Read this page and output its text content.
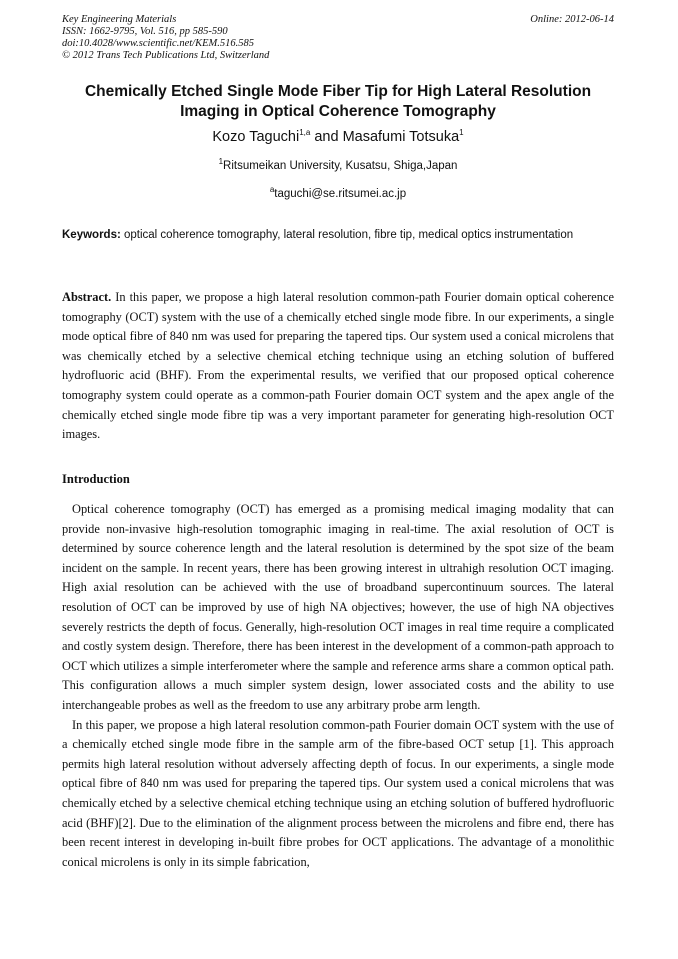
Key Engineering Materials
ISSN: 1662-9795, Vol. 516, pp 585-590
doi:10.4028/www.scientific.net/KEM.516.585
© 2012 Trans Tech Publications Ltd, Switzerland
Online: 2012-06-14
Chemically Etched Single Mode Fiber Tip for High Lateral Resolution Imaging in Optical Coherence Tomography
Kozo Taguchi$^{1,a}$ and Masafumi Totsuka$^1$
$^1$Ritsumeikan University, Kusatsu, Shiga,Japan
$^a$taguchi@se.ritsumei.ac.jp
Keywords: optical coherence tomography, lateral resolution, fibre tip, medical optics instrumentation
Abstract. In this paper, we propose a high lateral resolution common-path Fourier domain optical coherence tomography (OCT) system with the use of a chemically etched single mode fibre. In our experiments, a single mode optical fibre of 840 nm was used for preparing the tapered tips. Our system used a conical microlens that was chemically etched by a selective chemical etching technique using an etching solution of buffered hydrofluoric acid (BHF). From the experimental results, we verified that our proposed optical coherence tomography system could operate as a common-path Fourier domain OCT system and the apex angle of the chemically etched single mode fibre tip was a very important parameter for generating high-resolution OCT images.
Introduction

Optical coherence tomography (OCT) has emerged as a promising medical imaging modality that can provide non-invasive high-resolution tomographic imaging in real-time. The axial resolution of OCT is determined by source coherence length and the lateral resolution is determined by the spot size of the beam incident on the sample. In recent years, there has been growing interest in ultrahigh resolution OCT imaging. High axial resolution can be achieved with the use of broadband supercontinuum sources. The lateral resolution of OCT can be improved by use of high NA objectives; however, the use of high NA objectives severely restricts the depth of focus. Generally, high-resolution OCT images in real time require a complicated and costly system design. Therefore, there has been interest in the development of a common-path approach to OCT which utilizes a simple interferometer where the sample and reference arms share a common optical path. This configuration allows a much simpler system design, lower associated costs and the ability to use interchangeable probes as well as the freedom to use any arbitrary probe arm length.

In this paper, we propose a high lateral resolution common-path Fourier domain OCT system with the use of a chemically etched single mode fibre in the sample arm of the fibre-based OCT setup [1]. This approach permits high lateral resolution without adversely affecting depth of focus. In our experiments, a single mode optical fibre of 840 nm was used for preparing the tapered tips. Our system used a conical microlens that was chemically etched by a selective chemical etching technique using an etching solution of buffered hydrofluoric acid (BHF)[2]. Due to the elimination of the alignment process between the microlens and fibre end, there has been recent interest in developing in-built fibre probes for OCT applications. The advantage of a monolithic conical microlens is only in its simple fabrication,
